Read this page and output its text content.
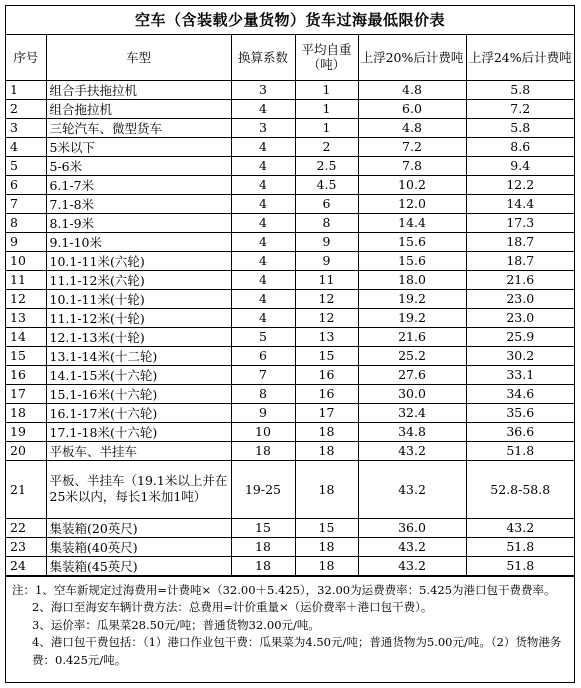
空车（含装载少量货物）货车过海最低限价表
序号	车型	换算系数	平均自重（吨）	上浮20%后计费吨	上浮24%后计费吨
1	组合手扶拖拉机	3	1	4.8	5.8
2	组合拖拉机	4	1	6.0	7.2
3	三轮汽车、微型货车	3	1	4.8	5.8
4	5米以下	4	2	7.2	8.6
5	5-6米	4	2.5	7.8	9.4
6	6.1-7米	4	4.5	10.2	12.2
7	7.1-8米	4	6	12.0	14.4
8	8.1-9米	4	8	14.4	17.3
9	9.1-10米	4	9	15.6	18.7
10	10.1-11米(六轮)	4	9	15.6	18.7
11	11.1-12米(六轮)	4	11	18.0	21.6
12	10.1-11米(十轮)	4	12	19.2	23.0
13	11.1-12米(十轮)	4	12	19.2	23.0
14	12.1-13米(十轮)	5	13	21.6	25.9
15	13.1-14米(十二轮)	6	15	25.2	30.2
16	14.1-15米(十六轮)	7	16	27.6	33.1
17	15.1-16米(十六轮)	8	16	30.0	34.6
18	16.1-17米(十六轮)	9	17	32.4	35.6
19	17.1-18米(十六轮)	10	18	34.8	36.6
20	平板车、半挂车	18	18	43.2	51.8
21	平板、半挂车（19.1米以上并在25米以内，每长1米加1吨）	19-25	18	43.2	52.8-58.8
22	集装箱(20英尺)	15	15	36.0	43.2
23	集装箱(40英尺)	18	18	43.2	51.8
24	集装箱(45英尺)	18	18	43.2	51.8
注：1、空车新规定过海费用=计费吨×（32.00＋5.425），32.00为运费费率：5.425为港口包干费费率。
2、海口至海安车辆计费方法：总费用=计价重量×（运价费率＋港口包干费）。
3、运价率：瓜果菜28.50元/吨；普通货物32.00元/吨。
4、港口包干费包括：（1）港口作业包干费：瓜果菜为4.50元/吨；普通货物为5.00元/吨。（2）货物港务费：0.425元/吨。
